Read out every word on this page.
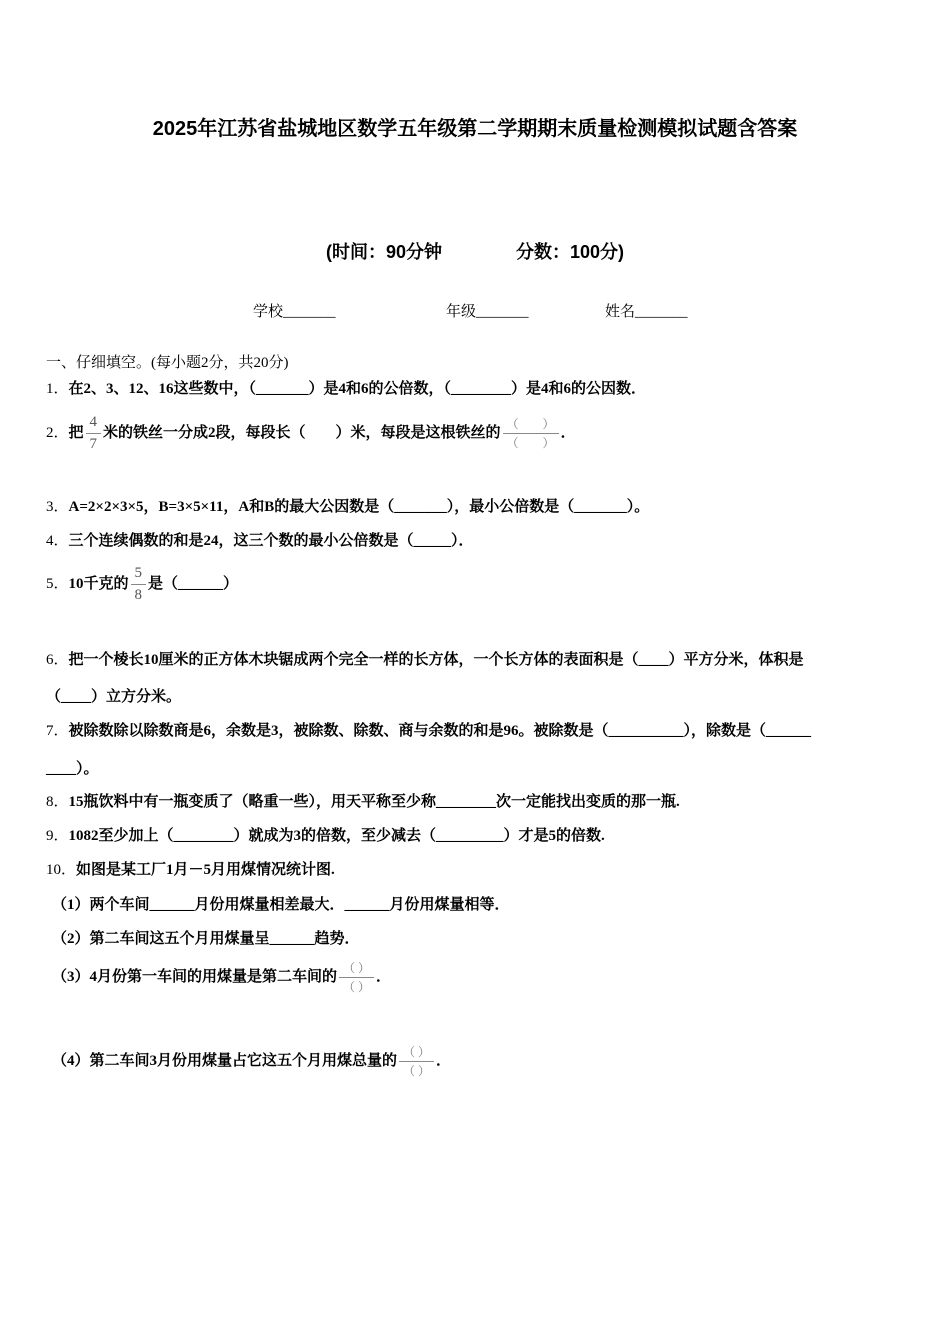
2025年江苏省盐城地区数学五年级第二学期期末质量检测模拟试题含答案
(时间：90分钟	分数：100分)
学校_______	年级_______	姓名_______
一、仔细填空。(每小题2分，共20分)
1．在2、3、12、16这些数中，（_______）是4和6的公倍数，（________）是4和6的公因数．
2．把 $\frac{4}{7}$ 米的铁丝一分成2段，每段长（　　）米，每段是这根铁丝的 $\frac{( )}{( )}$ ．
3．A=2×2×3×5，B=3×5×11，A和B的最大公因数是（_______），最小公倍数是（_______）。
4．三个连续偶数的和是24，这三个数的最小公倍数是（_____）．
5．10千克的 $\frac{5}{8}$ 是（______）
6．把一个棱长10厘米的正方体木块锯成两个完全一样的长方体，一个长方体的表面积是（____）平方分米，体积是
（____）立方分米。
7．被除数除以除数商是6，余数是3，被除数、除数、商与余数的和是96。被除数是（__________），除数是（______
____）。
8．15瓶饮料中有一瓶变质了（略重一些），用天平称至少称________次一定能找出变质的那一瓶.
9．1082至少加上（________）就成为3的倍数，至少减去（_________）才是5的倍数.
10．如图是某工厂1月－5月用煤情况统计图.
（1）两个车间______月份用煤量相差最大．______月份用煤量相等．
（2）第二车间这五个月用煤量呈______趋势．
（3）4月份第一车间的用煤量是第二车间的 $\frac{( )}{( )}$ ．
（4）第二车间3月份用煤量占它这五个月用煤总量的 $\frac{( )}{( )}$ ．
